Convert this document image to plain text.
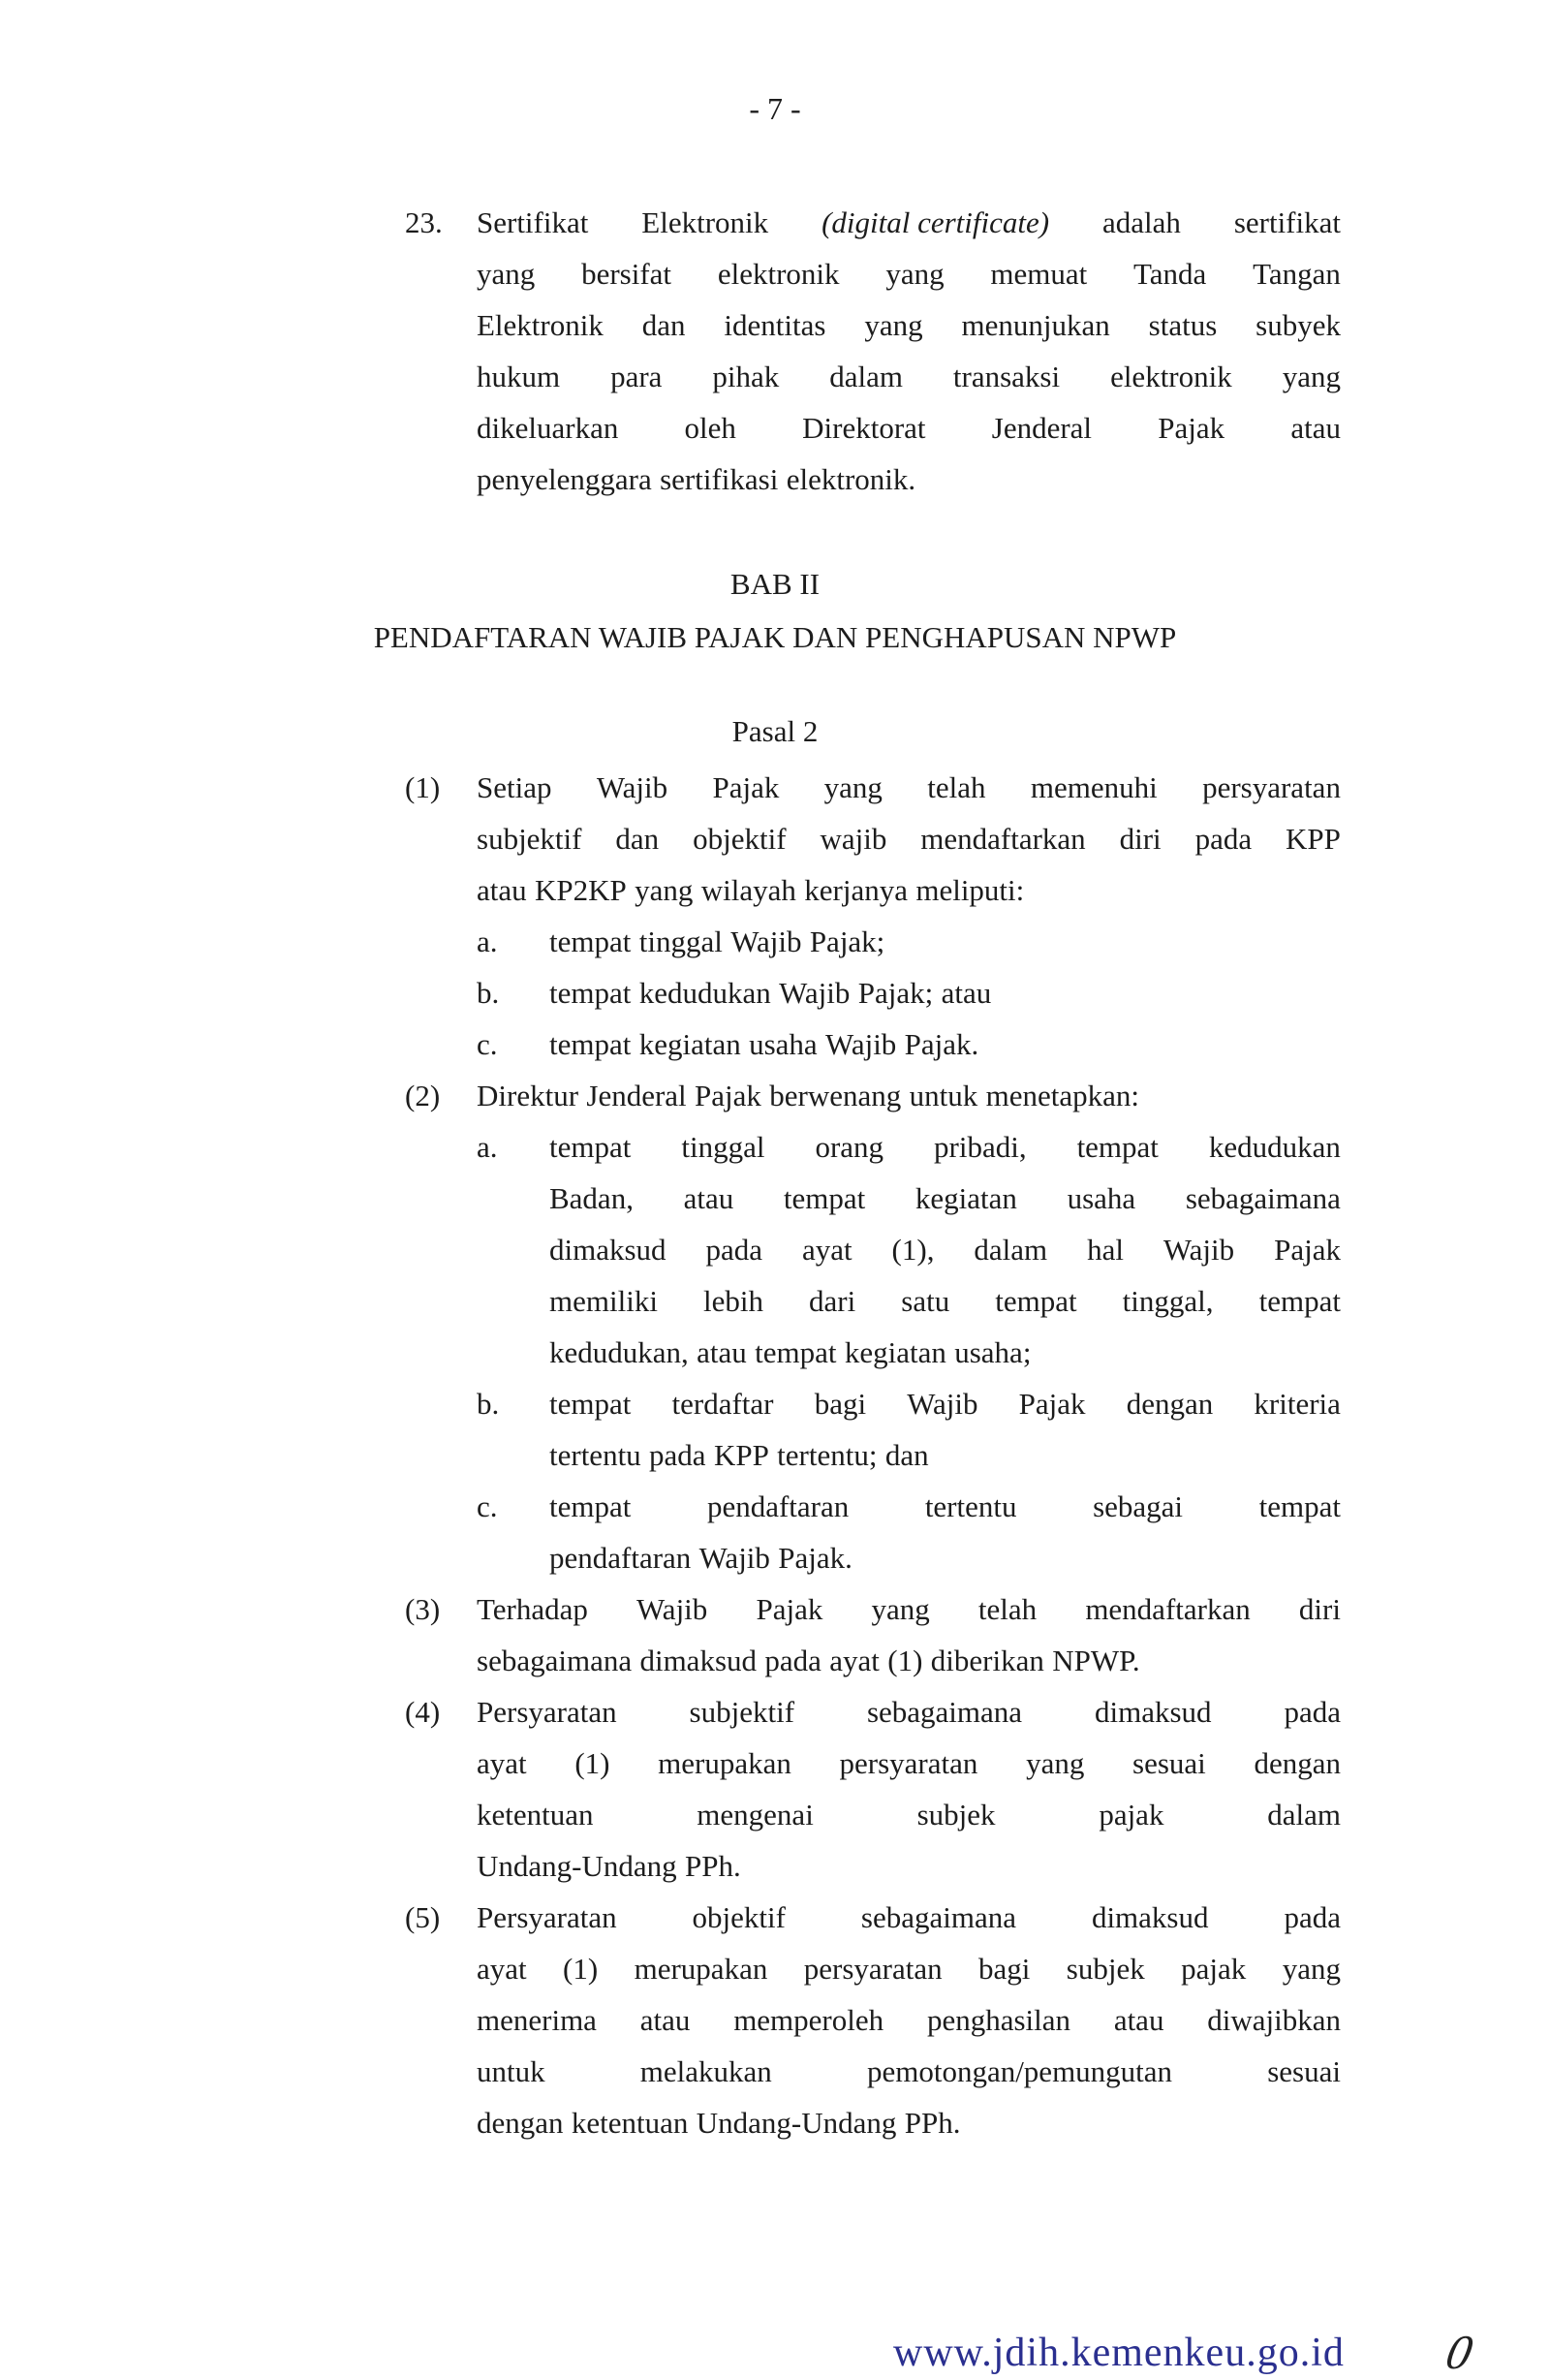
- 7 -
23. Sertifikat Elektronik (digital certificate) adalah sertifikat
yang bersifat elektronik yang memuat Tanda Tangan
Elektronik dan identitas yang menunjukan status subyek
hukum para pihak dalam transaksi elektronik yang
dikeluarkan oleh Direktorat Jenderal Pajak atau
penyelenggara sertifikasi elektronik.
BAB II
PENDAFTARAN WAJIB PAJAK DAN PENGHAPUSAN NPWP
Pasal 2
(1) Setiap Wajib Pajak yang telah memenuhi persyaratan
subjektif dan objektif wajib mendaftarkan diri pada KPP
atau KP2KP yang wilayah kerjanya meliputi:
a. tempat tinggal Wajib Pajak;
b. tempat kedudukan Wajib Pajak; atau
c. tempat kegiatan usaha Wajib Pajak.
(2) Direktur Jenderal Pajak berwenang untuk menetapkan:
a. tempat tinggal orang pribadi, tempat kedudukan
Badan, atau tempat kegiatan usaha sebagaimana
dimaksud pada ayat (1), dalam hal Wajib Pajak
memiliki lebih dari satu tempat tinggal, tempat
kedudukan, atau tempat kegiatan usaha;
b. tempat terdaftar bagi Wajib Pajak dengan kriteria
tertentu pada KPP tertentu; dan
c. tempat	pendaftaran	tertentu	sebagai	tempat
pendaftaran Wajib Pajak.
(3) Terhadap Wajib Pajak yang telah mendaftarkan diri
sebagaimana dimaksud pada ayat (1) diberikan NPWP.
(4) Persyaratan subjektif sebagaimana dimaksud pada
ayat (1) merupakan persyaratan yang sesuai dengan
ketentuan	mengenai	subjek	pajak	dalam
Undang-Undang PPh.
(5) Persyaratan	objektif	sebagaimana	dimaksud	pada
ayat (1) merupakan persyaratan bagi subjek pajak yang
menerima atau memperoleh penghasilan atau diwajibkan
untuk	melakukan	pemotongan/pemungutan	sesuai
dengan ketentuan Undang-Undang PPh.
www.jdih.kemenkeu.go.id 0
